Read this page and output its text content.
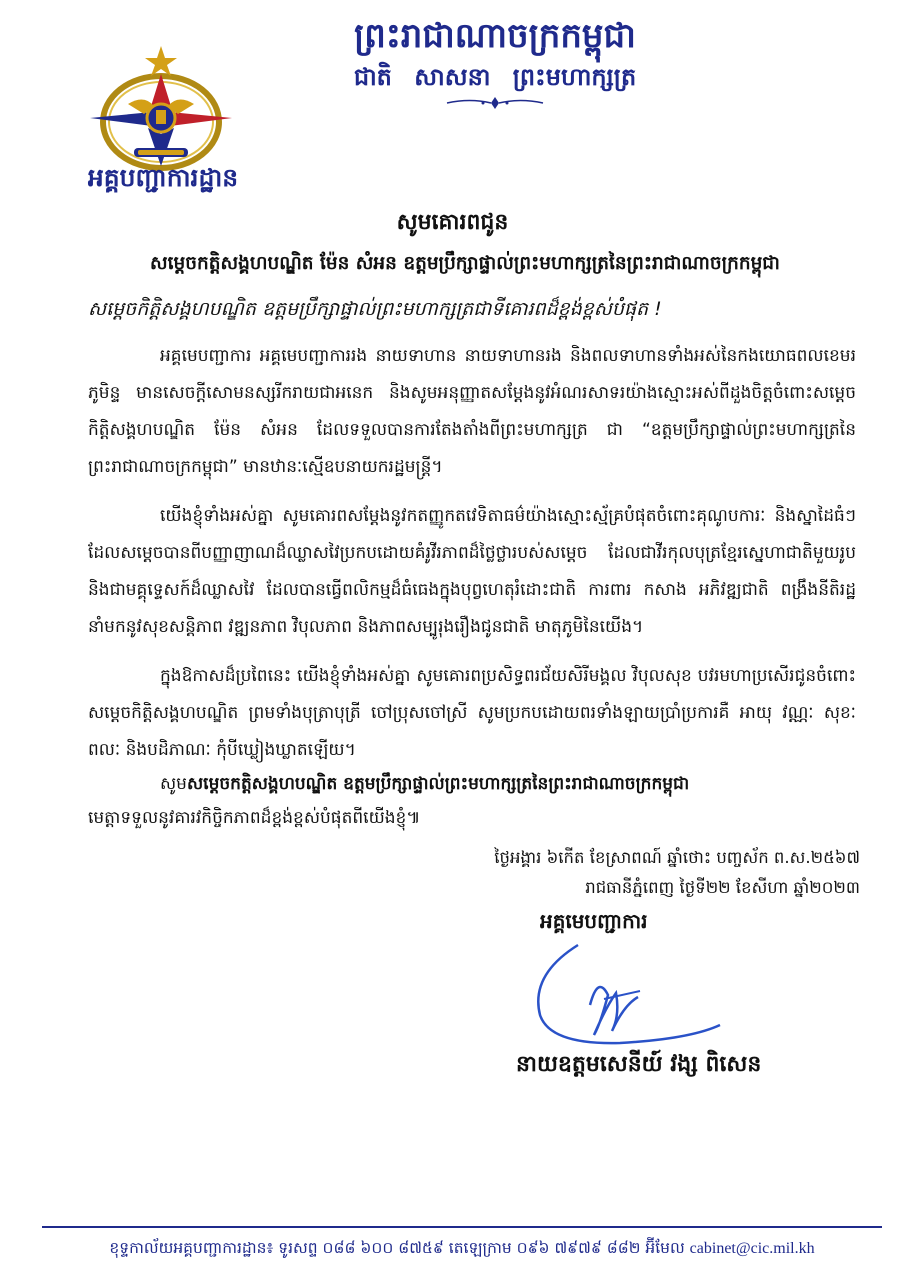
ព្រះរាជាណាចក្រកម្ពុជា
ជាតិ សាសនា ព្រះមហាក្សត្រ
អគ្គបញ្ជាការដ្ឋាន
សូមគោរពជូន
សម្ដេចកត្តិសង្គហបណ្ឌិត ម៉ែន សំអន ឧត្តមប្រឹក្សាផ្ទាល់ព្រះមហាក្សត្រនៃព្រះរាជាណាចក្រកម្ពុជា
សម្ដេចកិត្តិសង្គហបណ្ឌិត ឧត្តមប្រឹក្សាផ្ទាល់ព្រះមហាក្សត្រជាទីគោរពដ៏ខ្ពង់ខ្ពស់បំផុត !

អគ្គមេបញ្ជាការ អគ្គមេបញ្ជាការរង នាយទាហាន នាយទាហានរង និងពលទាហានទាំងអស់នៃកងយោធពលខេមរភូមិន្ទ មានសេចក្ដីសោមនស្សរីករាយជាអនេក និងសូមអនុញ្ញាតសម្ដែងនូវអំណរសាទរយ៉ាងស្មោះអស់ពីដួងចិត្តចំពោះសម្ដេចកិត្តិសង្គហបណ្ឌិត ម៉ែន សំអន ដែលទទួលបានការតែងតាំងពីព្រះមហាក្សត្រ ជា “ឧត្តមប្រឹក្សាផ្ទាល់ព្រះមហាក្សត្រនៃព្រះរាជាណាចក្រកម្ពុជា” មានឋានៈស្មើឧបនាយករដ្ឋមន្ត្រី។

យើងខ្ញុំទាំងអស់គ្នា សូមគោរពសម្ដែងនូវកតញ្ញូកតវេទិតាធម៌យ៉ាងស្មោះស្ម័គ្របំផុតចំពោះគុណូបការៈ និងស្នាដៃធំៗ ដែលសម្ដេចបានពីបញ្ញាញាណដ៏ឈ្លាសវៃប្រកបដោយគំរូវីរភាពដ៏ថ្លៃថ្លារបស់សម្ដេច ដែលជាវីរកុលបុត្រខ្មែរស្នេហាជាតិមួយរូប និងជាមគ្គុទ្ទេសក៍ដ៏ឈ្លាសវៃ ដែលបានធ្វើពលិកម្មដ៏ធំធេងក្នុងបុព្វហេតុរំដោះជាតិ ការពារ កសាង អភិវឌ្ឍជាតិ ពង្រឹងនីតិរដ្ឋ នាំមកនូវសុខសន្តិភាព វឌ្ឍនភាព វិបុលភាព និងភាពសម្បូរុងរឿងជូនជាតិ មាតុភូមិនៃយើង។

ក្នុងឱកាសដ៏ប្រពៃនេះ យើងខ្ញុំទាំងអស់គ្នា សូមគោរពប្រសិទ្ធពរជ័យសិរីមង្គល វិបុលសុខ បវរមហាប្រសើរជូនចំពោះសម្ដេចកិត្តិសង្គហបណ្ឌិត ព្រមទាំងបុត្រាបុត្រី ចៅប្រុសចៅស្រី សូមប្រកបដោយពរទាំងឡាយប្រាំប្រការគឺ អាយុ វណ្ណៈ សុខៈ ពលៈ និងបដិភាណៈ កុំបីឃ្លៀងឃ្លាតឡើយ។

សូមសម្ដេចកត្តិសង្គហបណ្ឌិត ឧត្តមប្រឹក្សាផ្ទាល់ព្រះមហាក្សត្រនៃព្រះរាជាណាចក្រកម្ពុជា
មេត្តាទទួលនូវគារវកិច្ចិកភាពដ៏ខ្ពង់ខ្ពស់បំផុតពីយើងខ្ញុំ៕
ថ្ងៃអង្គារ ៦កើត ខែស្រាពណ៍ ឆ្នាំថោះ បញ្ចស័ក ព.ស.២៥៦៧
រាជធានីភ្នំពេញ ថ្ងៃទី២២ ខែសីហា ឆ្នាំ២០២៣
អគ្គមេបញ្ជាការ
នាយឧត្តមសេនីយ៍ វង្ស ពិសេន
ខុទ្ទកាល័យអគ្គបញ្ជាការដ្ឋាន៖ ទូរសព្ទ ០៨៨ ៦០០ ៨៧៥៩ តេឡេក្រាម ០៩៦ ៧៩៧៩ ៨៨២ អ៊ីមែល cabinet@cic.mil.kh
